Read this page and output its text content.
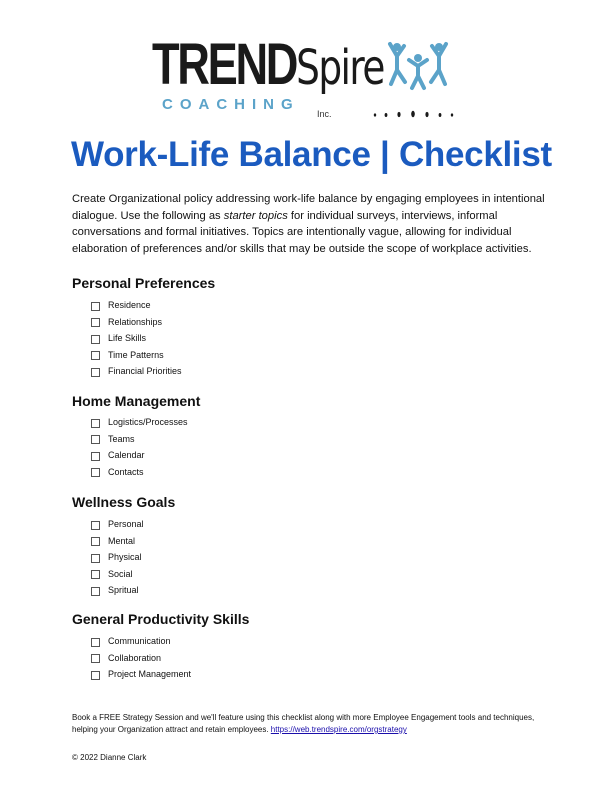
TRENDSpire
COACHING
Inc.
Work-Life Balance | Checklist

Create Organizational policy addressing work-life balance by engaging employees in intentional dialogue. Use the following as starter topics for individual surveys, interviews, informal conversations and formal initiatives. Topics are intentionally vague, allowing for individual elaboration of preferences and/or skills that may be outside the scope of workplace activities.

Personal Preferences
Residence
Relationships
Life Skills
Time Patterns
Financial Priorities
Home Management
Logistics/Processes
Teams
Calendar
Contacts
Wellness Goals
Personal
Mental
Physical
Social
Spritual
General Productivity Skills
Communication
Collaboration
Project Management

Book a FREE Strategy Session and we'll feature using this checklist along with more Employee Engagement tools and techniques, helping your Organization attract and retain employees. https://web.trendspire.com/orgstrategy

© 2022 Dianne Clark
